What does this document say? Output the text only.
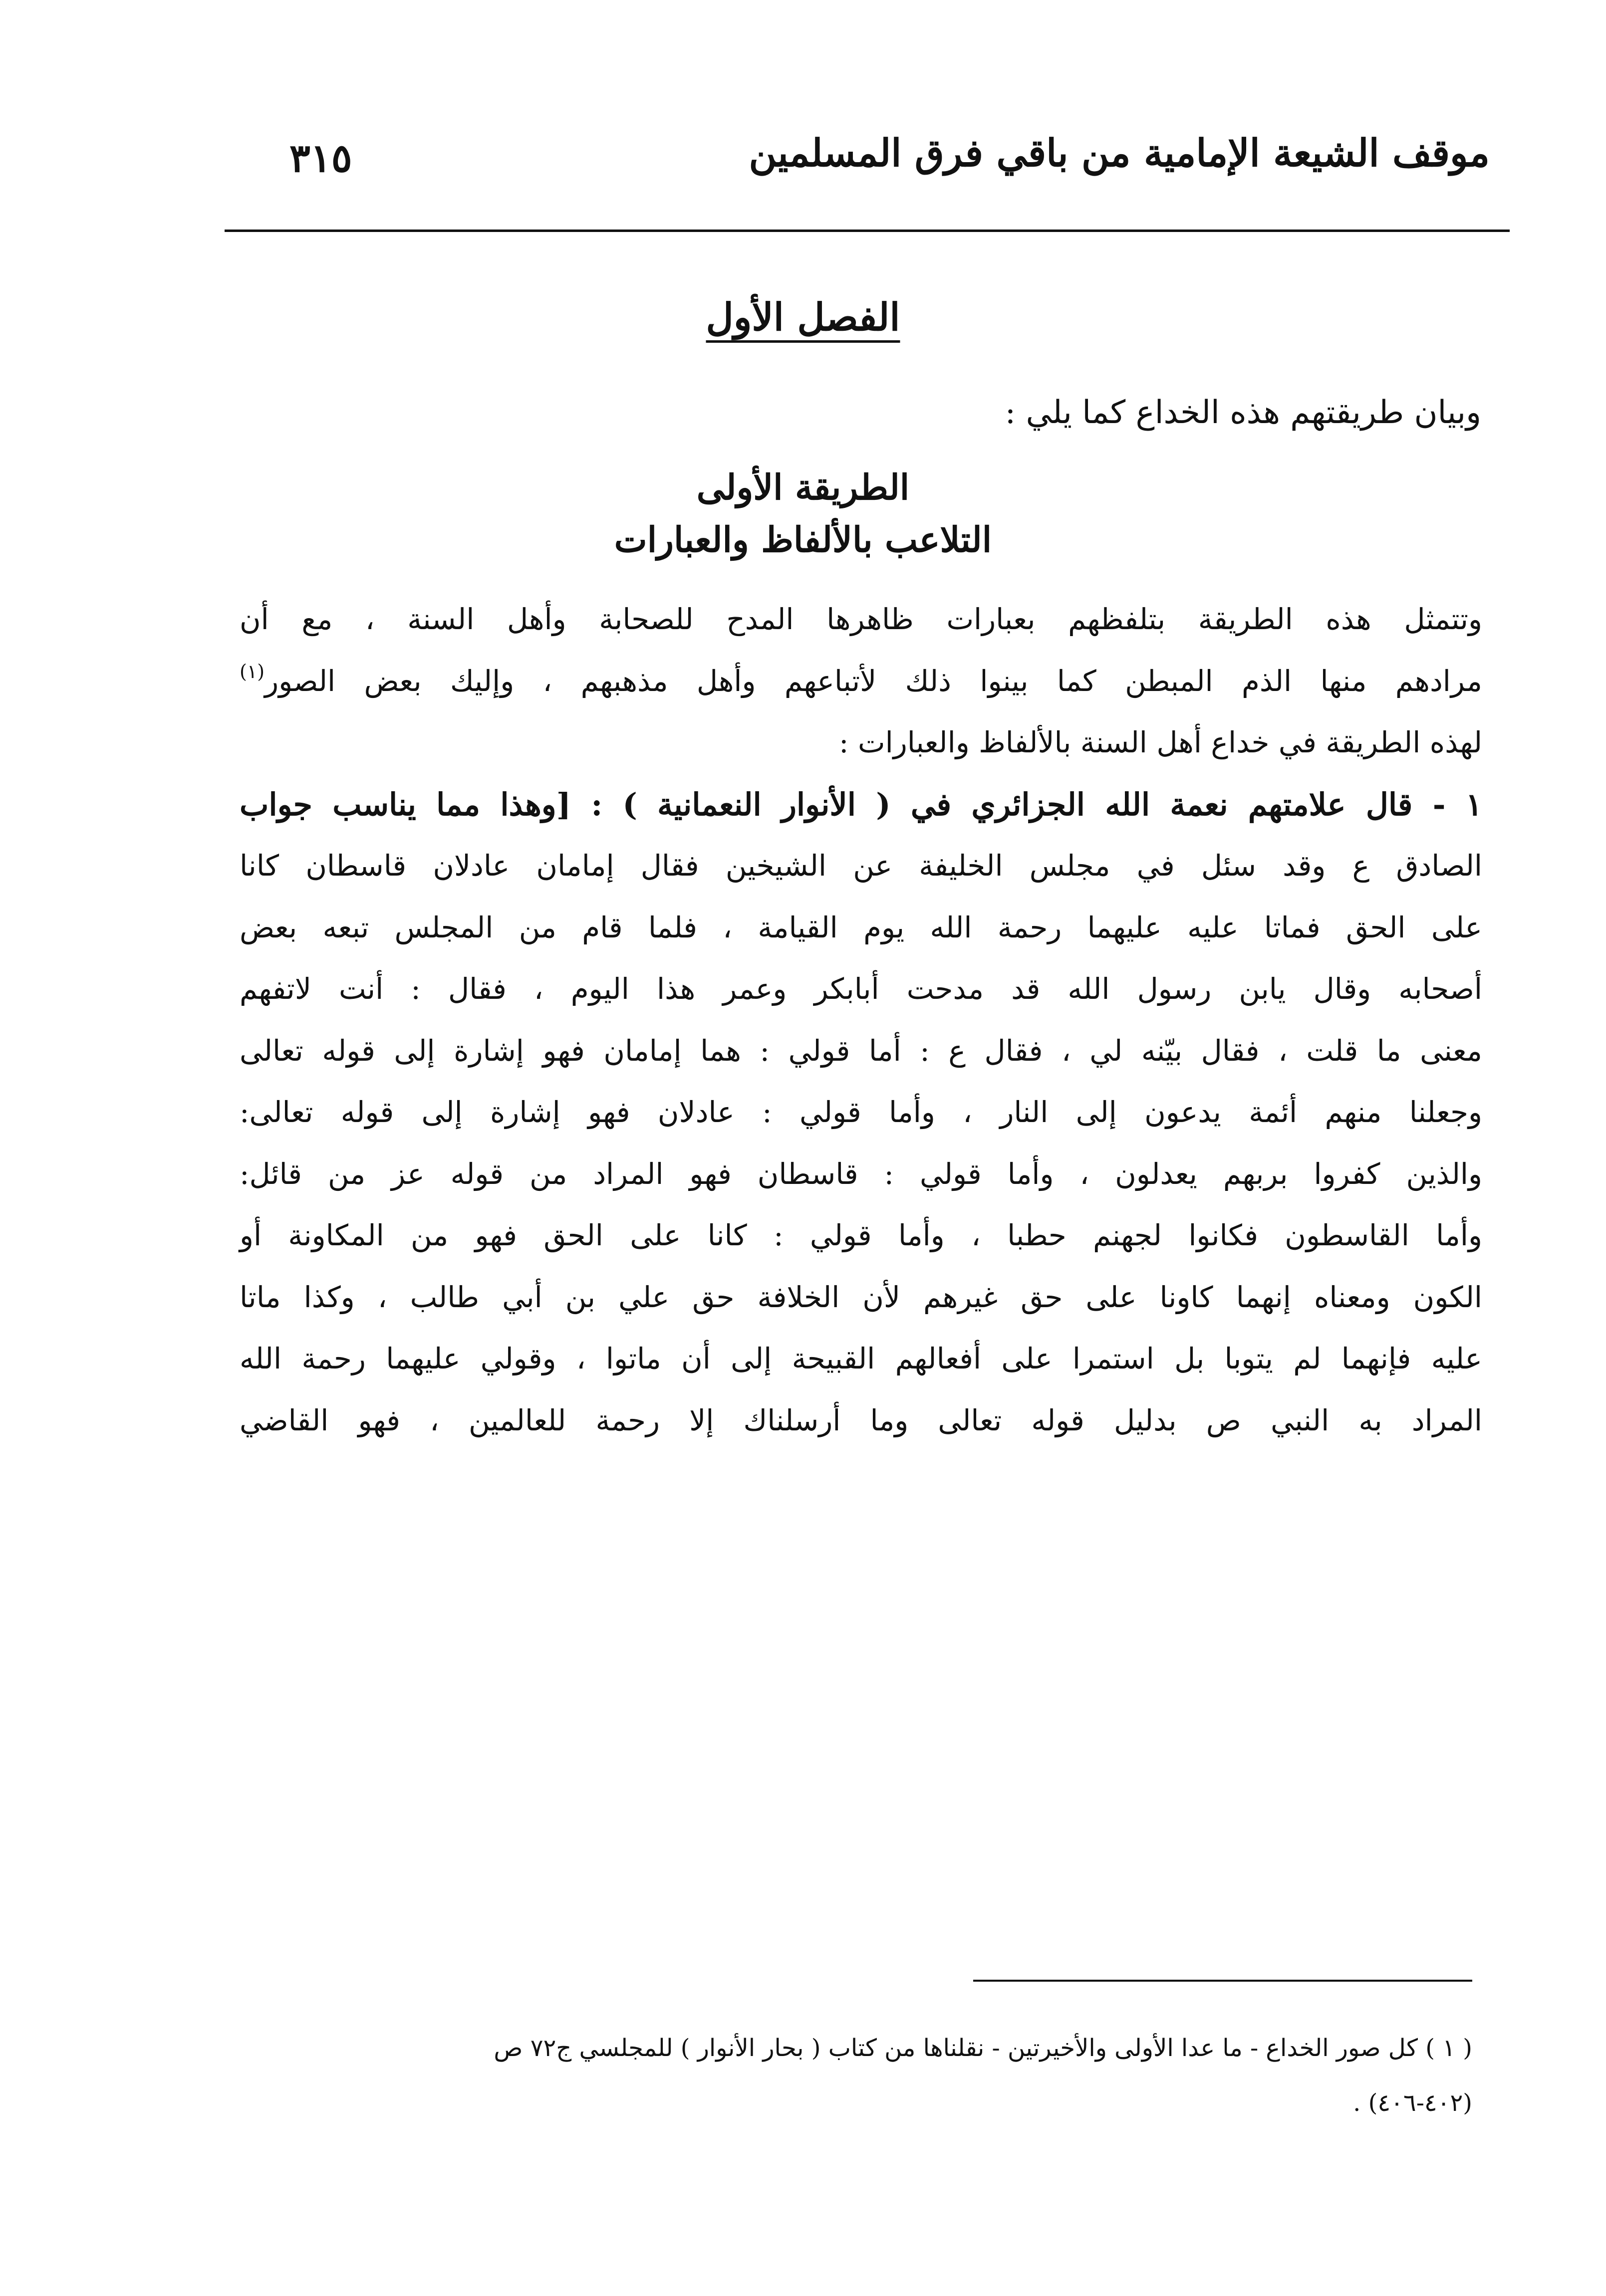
موقف الشيعة الإمامية من باقي فرق المسلمين
٣١٥
الفصل الأول
وبيان طريقتهم هذه الخداع كما يلي :
الطريقة الأولى
التلاعب بالألفاظ والعبارات
وتتمثل هذه الطريقة بتلفظهم بعبارات ظاهرها المدح للصحابة وأهل السنة ، مع أن
مرادهم منها الذم المبطن كما بينوا ذلك لأتباعهم وأهل مذهبهم ، وإليك بعض الصور$^{(١)}$
لهذه الطريقة في خداع أهل السنة بالألفاظ والعبارات :
١ - قال علامتهم نعمة الله الجزائري في ( الأنوار النعمانية ) : [وهذا مما يناسب جواب
الصادق ع وقد سئل في مجلس الخليفة عن الشيخين فقال إمامان عادلان قاسطان كانا
على الحق فماتا عليه عليهما رحمة الله يوم القيامة ، فلما قام من المجلس تبعه بعض
أصحابه وقال يابن رسول الله قد مدحت أبابكر وعمر هذا اليوم ، فقال : أنت لاتفهم
معنى ما قلت ، فقال بيّنه لي ، فقال ع : أما قولي : هما إمامان فهو إشارة إلى قوله تعالى
وجعلنا منهم أئمة يدعون إلى النار ، وأما قولي : عادلان فهو إشارة إلى قوله تعالى:
والذين كفروا بربهم يعدلون ، وأما قولي : قاسطان فهو المراد من قوله عز من قائل:
وأما القاسطون فكانوا لجهنم حطبا ، وأما قولي : كانا على الحق فهو من المكاونة أو
الكون ومعناه إنهما كاونا على حق غيرهم لأن الخلافة حق علي بن أبي طالب ، وكذا ماتا
عليه فإنهما لم يتوبا بل استمرا على أفعالهم القبيحة إلى أن ماتوا ، وقولي عليهما رحمة الله
المراد به النبي ص بدليل قوله تعالى وما أرسلناك إلا رحمة للعالمين ، فهو القاضي
( ١ ) كل صور الخداع - ما عدا الأولى والأخيرتين - نقلناها من كتاب ( بحار الأنوار ) للمجلسي ج٧٢ ص
(٤٠٢-٤٠٦) .
